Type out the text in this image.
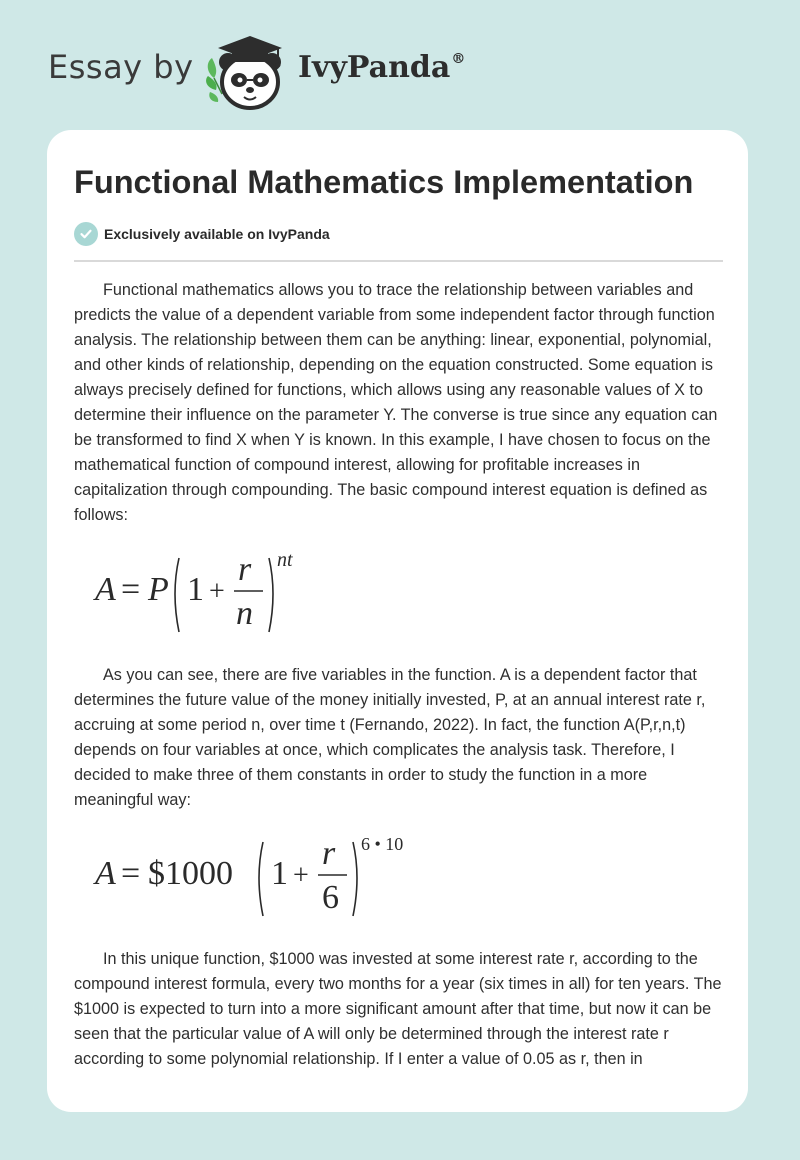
Essay by	IvyPanda®
Functional Mathematics Implementation
Exclusively available on IvyPanda

Functional mathematics allows you to trace the relationship between variables and predicts the value of a dependent variable from some independent factor through function analysis. The relationship between them can be anything: linear, exponential, polynomial, and other kinds of relationship, depending on the equation constructed. Some equation is always precisely defined for functions, which allows using any reasonable values of X to determine their influence on the parameter Y. The converse is true since any equation can be transformed to find X when Y is known. In this example, I have chosen to focus on the mathematical function of compound interest, allowing for profitable increases in capitalization through compounding. The basic compound interest equation is defined as follows:

A = P 1 +
r
n
nt

As you can see, there are five variables in the function. A is a dependent factor that determines the future value of the money initially invested, P, at an annual interest rate r, accruing at some period n, over time t (Fernando, 2022). In fact, the function A(P,r,n,t) depends on four variables at once, which complicates the analysis task. Therefore, I decided to make three of them constants in order to study the function in a more meaningful way:

A = $1000 1 +
r
6
6 • 10

In this unique function, $1000 was invested at some interest rate r, according to the compound interest formula, every two months for a year (six times in all) for ten years. The $1000 is expected to turn into a more significant amount after that time, but now it can be seen that the particular value of A will only be determined through the interest rate r according to some polynomial relationship. If I enter a value of 0.05 as r, then in
